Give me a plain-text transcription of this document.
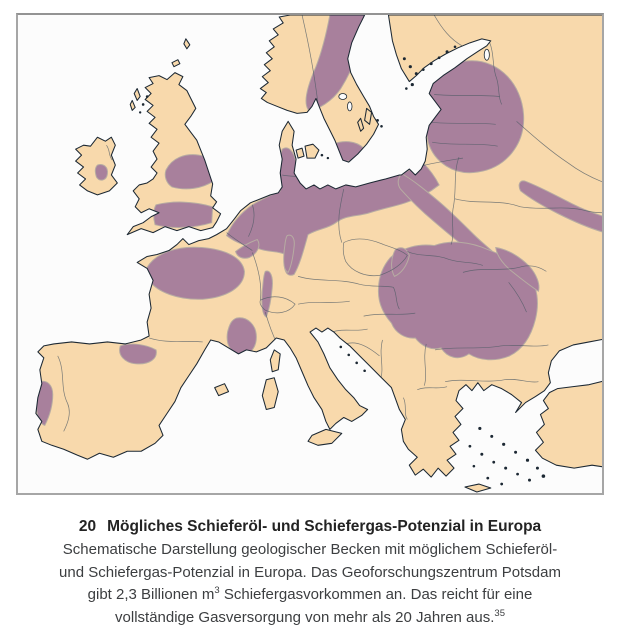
20 Mögliches Schieferöl- und Schiefergas-Potenzial in Europa
Schematische Darstellung geologischer Becken mit möglichem Schieferöl-
und Schiefergas-Potenzial in Europa. Das Geoforschungszentrum Potsdam
gibt 2,3 Billionen $m^3$ Schiefergasvorkommen an. Das reicht für eine
vollständige Gasversorgung von mehr als 20 Jahren aus.$^{35}$
